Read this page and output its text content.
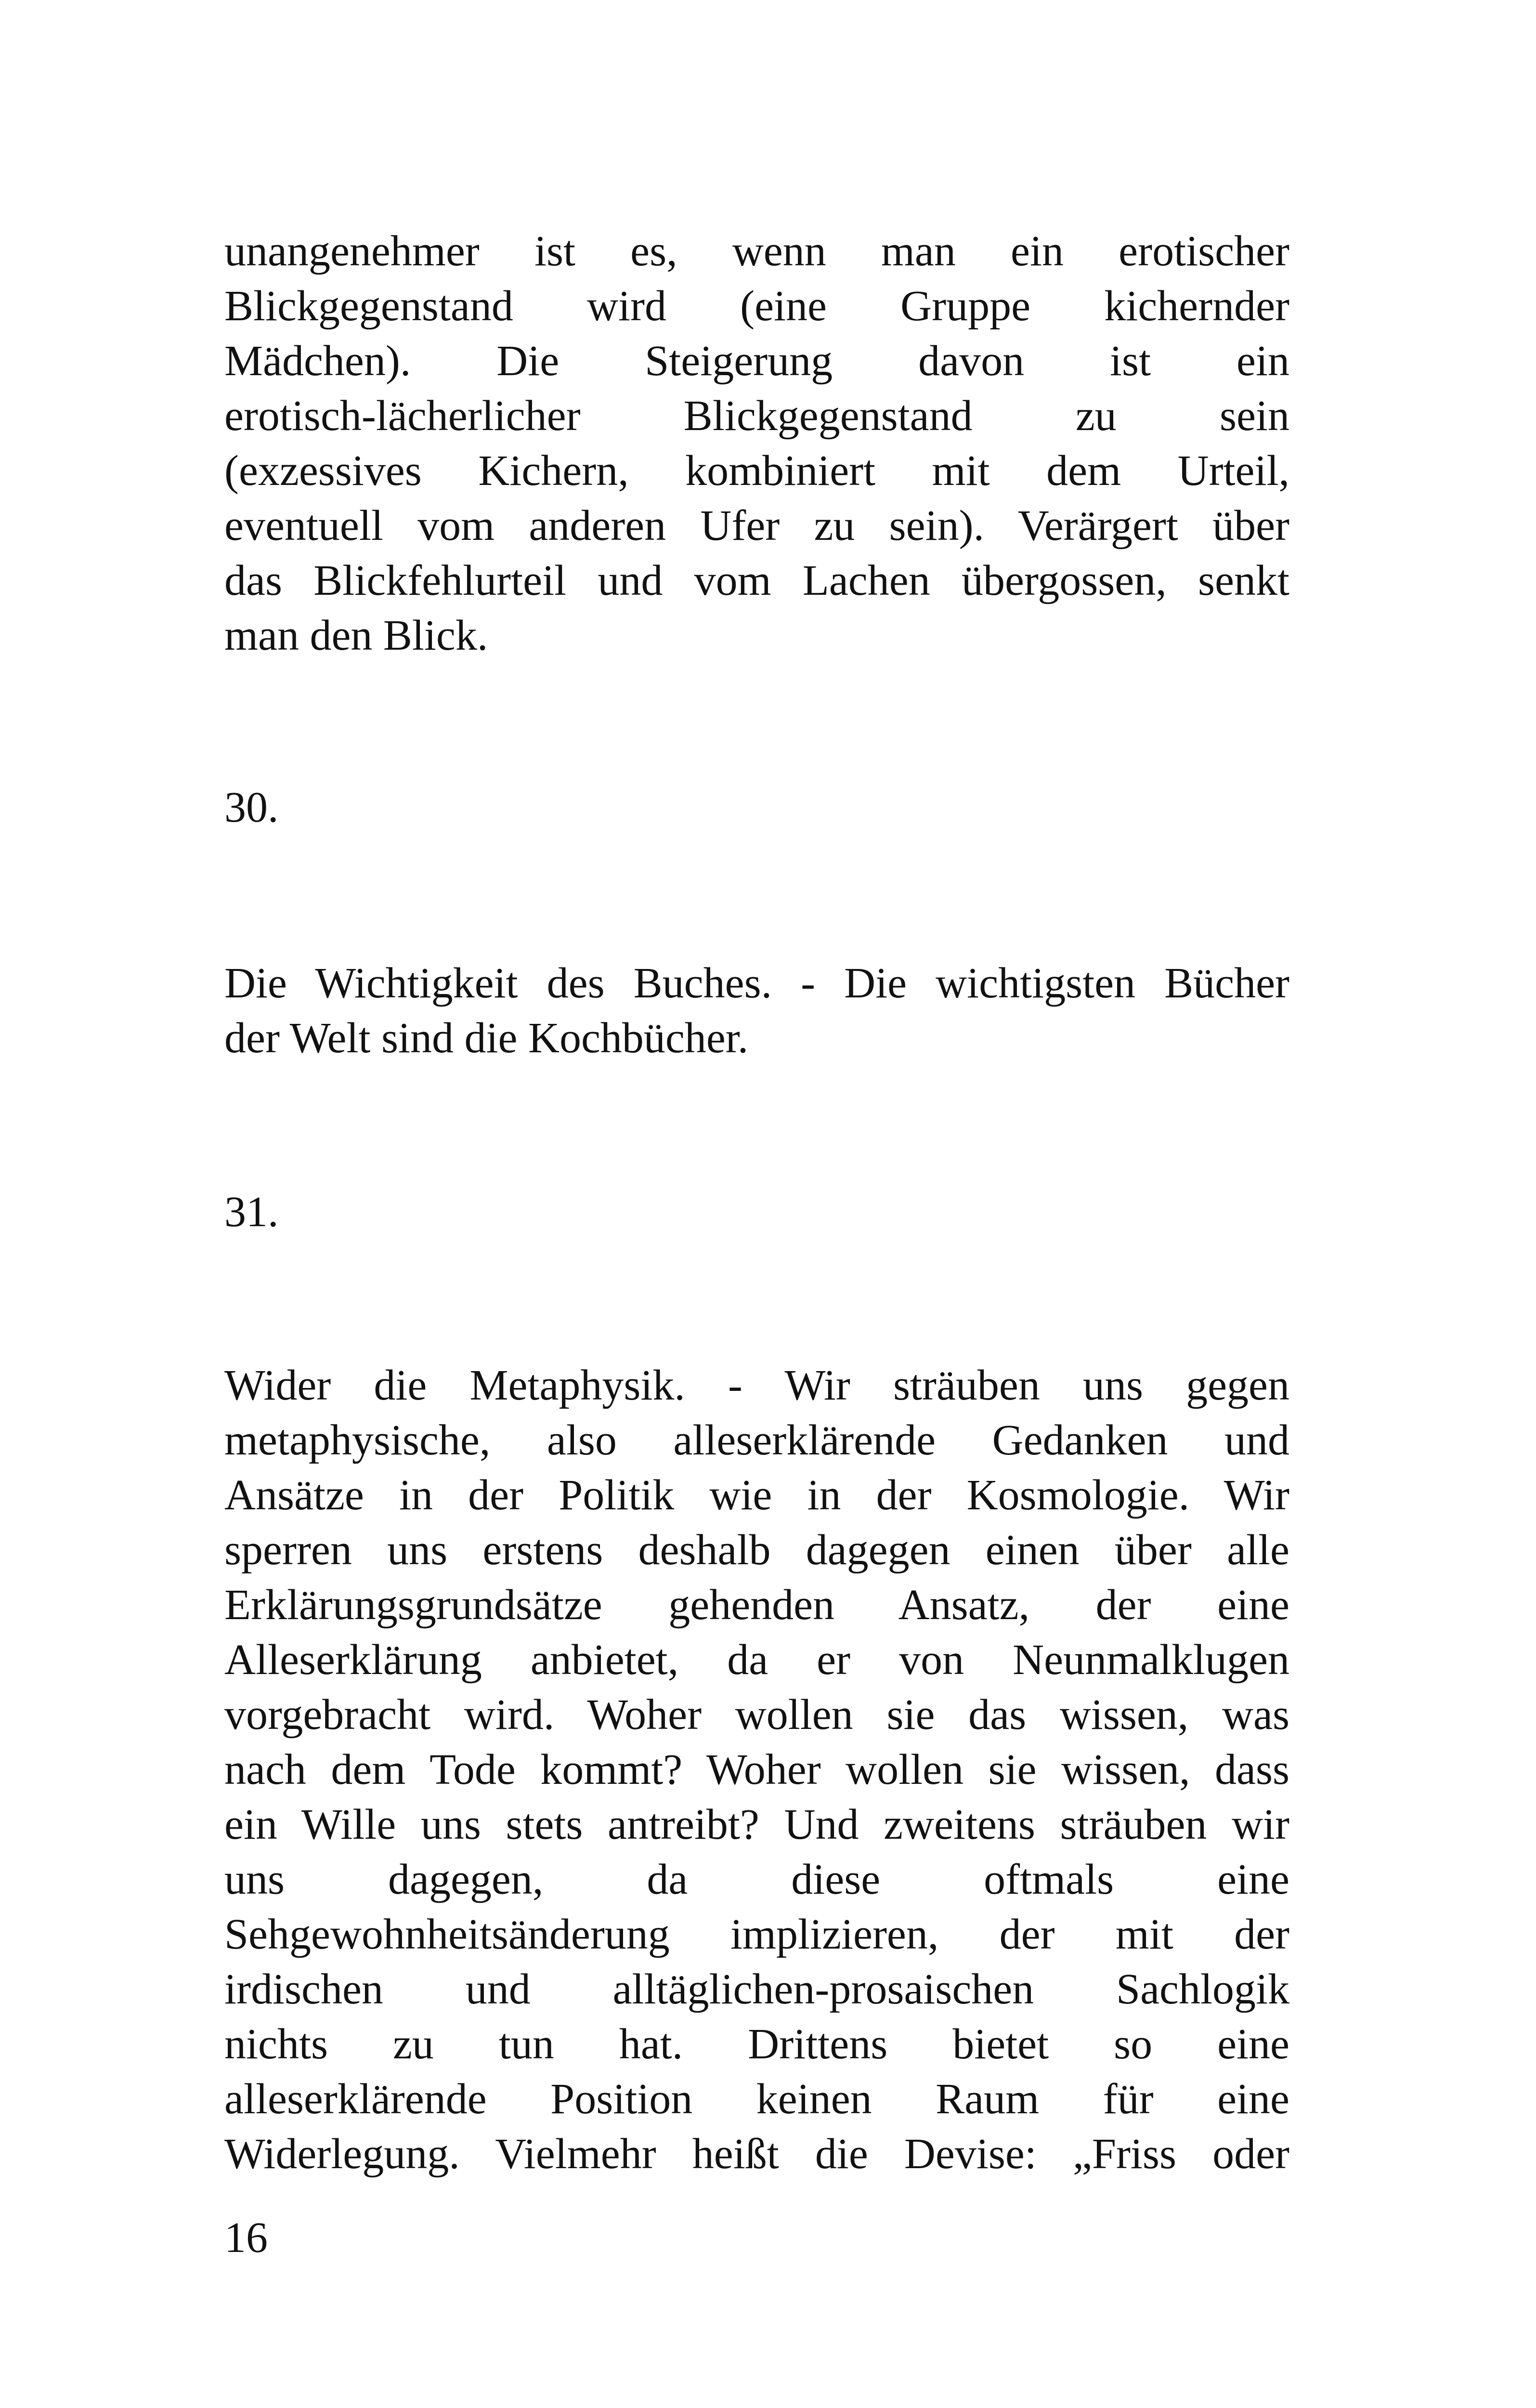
unangenehmer ist es, wenn man ein erotischer
Blickgegenstand wird (eine Gruppe kichernder
Mädchen). Die Steigerung davon ist ein
erotisch-lächerlicher Blickgegenstand zu sein
(exzessives Kichern, kombiniert mit dem Urteil,
eventuell vom anderen Ufer zu sein). Verärgert über
das Blickfehlurteil und vom Lachen übergossen, senkt
man den Blick.
30.
Die Wichtigkeit des Buches. - Die wichtigsten Bücher
der Welt sind die Kochbücher.
31.
Wider die Metaphysik. - Wir sträuben uns gegen
metaphysische, also alleserklärende Gedanken und
Ansätze in der Politik wie in der Kosmologie. Wir
sperren uns erstens deshalb dagegen einen über alle
Erklärungsgrundsätze gehenden Ansatz, der eine
Alleserklärung anbietet, da er von Neunmalklugen
vorgebracht wird. Woher wollen sie das wissen, was
nach dem Tode kommt? Woher wollen sie wissen, dass
ein Wille uns stets antreibt? Und zweitens sträuben wir
uns dagegen, da diese oftmals eine
Sehgewohnheitsänderung implizieren, der mit der
irdischen und alltäglichen-prosaischen Sachlogik
nichts zu tun hat. Drittens bietet so eine
alleserklärende Position keinen Raum für eine
Widerlegung. Vielmehr heißt die Devise: „Friss oder
16
